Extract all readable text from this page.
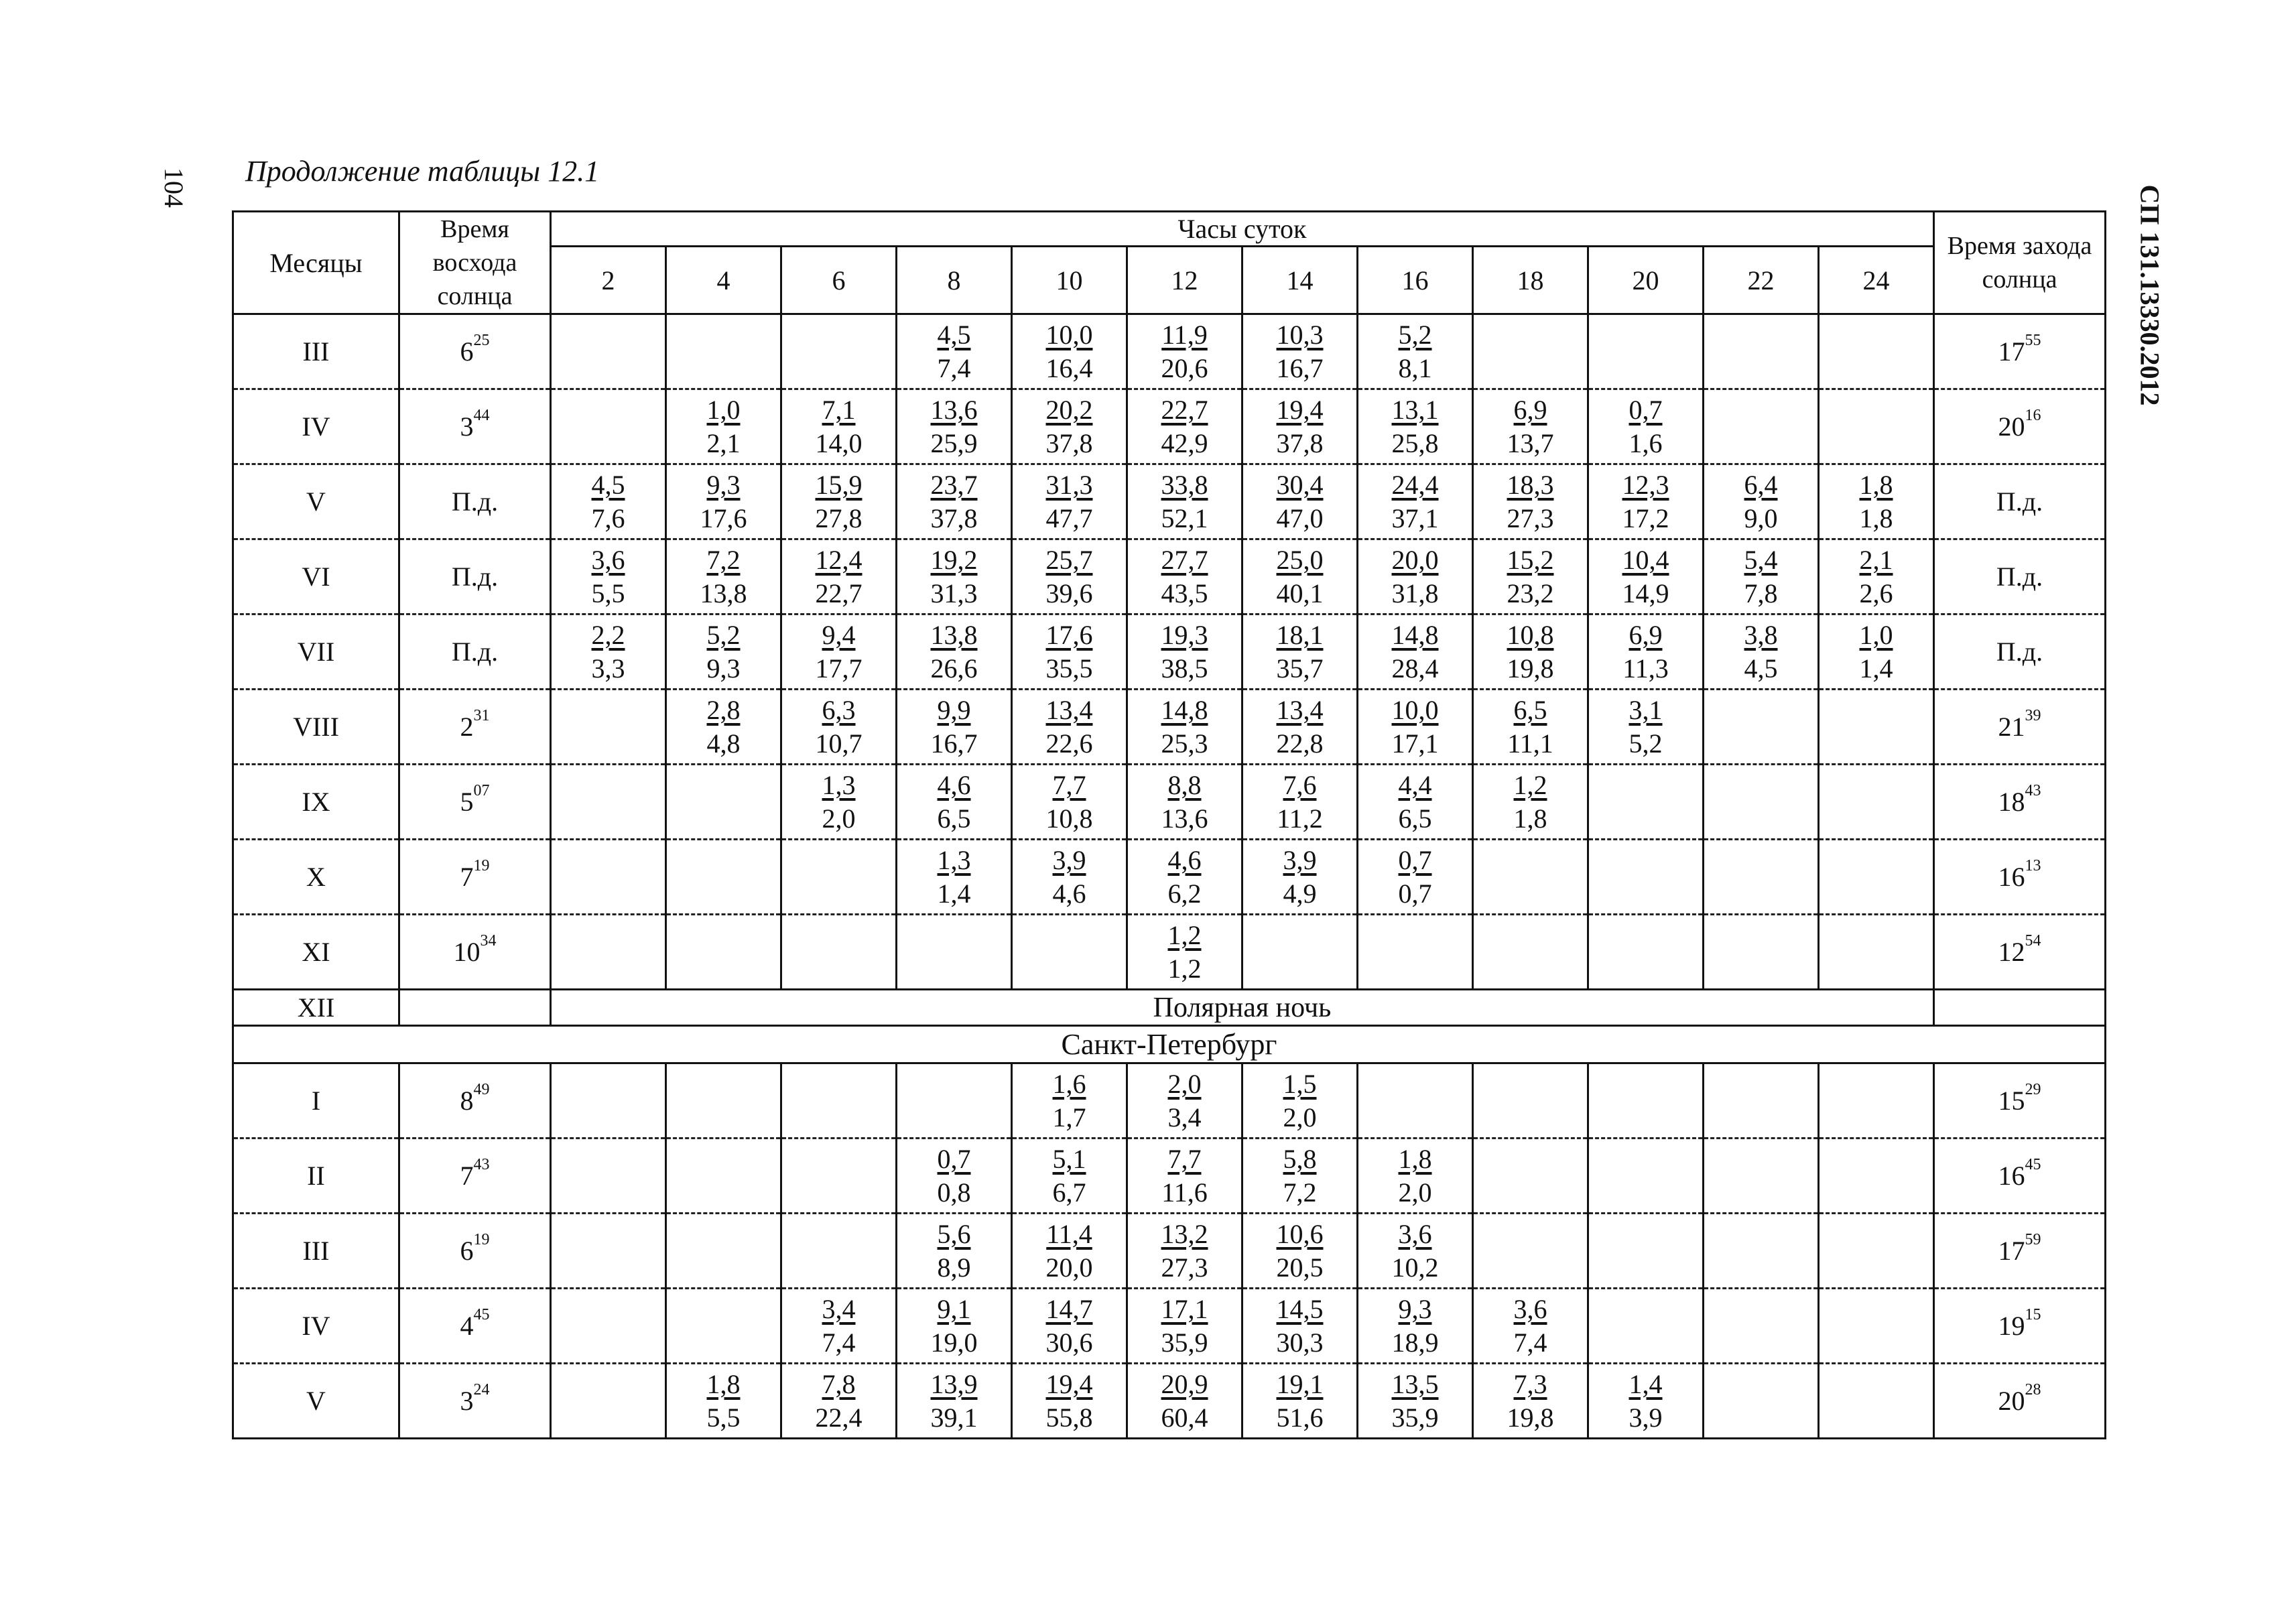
104	СП 131.13330.2012
Продолжение таблицы 12.1
Месяцы	Время восхода солнца	Часы суток												Время захода солнца
		2	4	6	8	10	12	14	16	18	20	22	24	
III	$6^{25}$				$\frac{4,5}{7,4}$	$\frac{10,0}{16,4}$	$\frac{11,9}{20,6}$	$\frac{10,3}{16,7}$	$\frac{5,2}{8,1}$					$17^{55}$
IV	$3^{44}$		$\frac{1,0}{2,1}$	$\frac{7,1}{14,0}$	$\frac{13,6}{25,9}$	$\frac{20,2}{37,8}$	$\frac{22,7}{42,9}$	$\frac{19,4}{37,8}$	$\frac{13,1}{25,8}$	$\frac{6,9}{13,7}$	$\frac{0,7}{1,6}$			$20^{16}$
V	П.д.	$\frac{4,5}{7,6}$	$\frac{9,3}{17,6}$	$\frac{15,9}{27,8}$	$\frac{23,7}{37,8}$	$\frac{31,3}{47,7}$	$\frac{33,8}{52,1}$	$\frac{30,4}{47,0}$	$\frac{24,4}{37,1}$	$\frac{18,3}{27,3}$	$\frac{12,3}{17,2}$	$\frac{6,4}{9,0}$	$\frac{1,8}{1,8}$	П.д.
VI	П.д.	$\frac{3,6}{5,5}$	$\frac{7,2}{13,8}$	$\frac{12,4}{22,7}$	$\frac{19,2}{31,3}$	$\frac{25,7}{39,6}$	$\frac{27,7}{43,5}$	$\frac{25,0}{40,1}$	$\frac{20,0}{31,8}$	$\frac{15,2}{23,2}$	$\frac{10,4}{14,9}$	$\frac{5,4}{7,8}$	$\frac{2,1}{2,6}$	П.д.
VII	П.д.	$\frac{2,2}{3,3}$	$\frac{5,2}{9,3}$	$\frac{9,4}{17,7}$	$\frac{13,8}{26,6}$	$\frac{17,6}{35,5}$	$\frac{19,3}{38,5}$	$\frac{18,1}{35,7}$	$\frac{14,8}{28,4}$	$\frac{10,8}{19,8}$	$\frac{6,9}{11,3}$	$\frac{3,8}{4,5}$	$\frac{1,0}{1,4}$	П.д.
VIII	$2^{31}$		$\frac{2,8}{4,8}$	$\frac{6,3}{10,7}$	$\frac{9,9}{16,7}$	$\frac{13,4}{22,6}$	$\frac{14,8}{25,3}$	$\frac{13,4}{22,8}$	$\frac{10,0}{17,1}$	$\frac{6,5}{11,1}$	$\frac{3,1}{5,2}$			$21^{39}$
IX	$5^{07}$			$\frac{1,3}{2,0}$	$\frac{4,6}{6,5}$	$\frac{7,7}{10,8}$	$\frac{8,8}{13,6}$	$\frac{7,6}{11,2}$	$\frac{4,4}{6,5}$	$\frac{1,2}{1,8}$				$18^{43}$
X	$7^{19}$				$\frac{1,3}{1,4}$	$\frac{3,9}{4,6}$	$\frac{4,6}{6,2}$	$\frac{3,9}{4,9}$	$\frac{0,7}{0,7}$					$16^{13}$
XI	$10^{34}$						$\frac{1,2}{1,2}$							$12^{54}$
XII		Полярная ночь												
Санкт-Петербург														
I	$8^{49}$					$\frac{1,6}{1,7}$	$\frac{2,0}{3,4}$	$\frac{1,5}{2,0}$						$15^{29}$
II	$7^{43}$				$\frac{0,7}{0,8}$	$\frac{5,1}{6,7}$	$\frac{7,7}{11,6}$	$\frac{5,8}{7,2}$	$\frac{1,8}{2,0}$					$16^{45}$
III	$6^{19}$				$\frac{5,6}{8,9}$	$\frac{11,4}{20,0}$	$\frac{13,2}{27,3}$	$\frac{10,6}{20,5}$	$\frac{3,6}{10,2}$					$17^{59}$
IV	$4^{45}$			$\frac{3,4}{7,4}$	$\frac{9,1}{19,0}$	$\frac{14,7}{30,6}$	$\frac{17,1}{35,9}$	$\frac{14,5}{30,3}$	$\frac{9,3}{18,9}$	$\frac{3,6}{7,4}$				$19^{15}$
V	$3^{24}$		$\frac{1,8}{5,5}$	$\frac{7,8}{22,4}$	$\frac{13,9}{39,1}$	$\frac{19,4}{55,8}$	$\frac{20,9}{60,4}$	$\frac{19,1}{51,6}$	$\frac{13,5}{35,9}$	$\frac{7,3}{19,8}$	$\frac{1,4}{3,9}$			$20^{28}$
